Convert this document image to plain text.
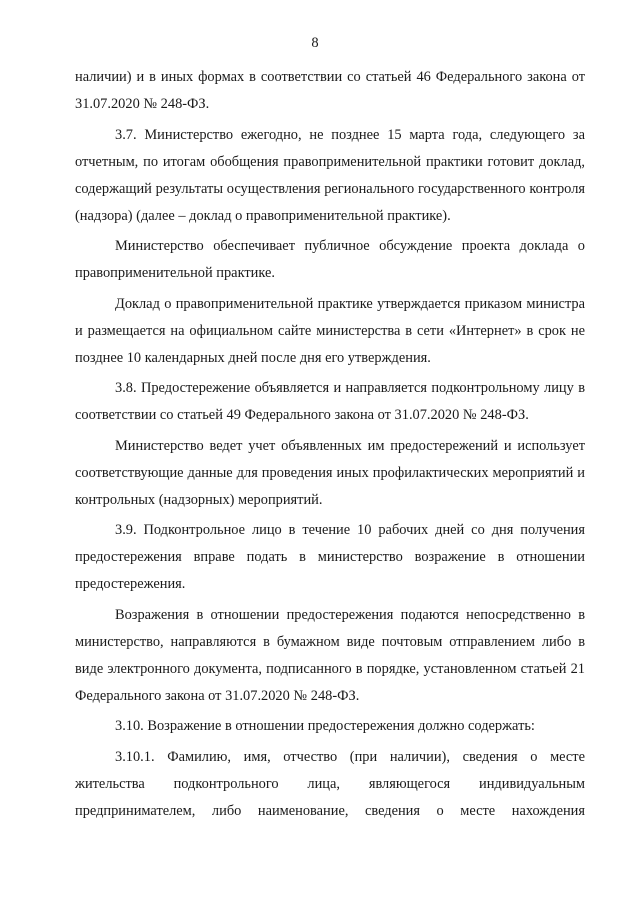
8

наличии) и в иных формах в соответствии со статьей 46 Федерального закона от 31.07.2020 № 248-ФЗ.

3.7. Министерство ежегодно, не позднее 15 марта года, следующего за отчетным, по итогам обобщения правоприменительной практики готовит доклад, содержащий результаты осуществления регионального государственного контроля (надзора) (далее – доклад о правоприменительной практике).

Министерство обеспечивает публичное обсуждение проекта доклада о правоприменительной практике.

Доклад о правоприменительной практике утверждается приказом министра и размещается на официальном сайте министерства в сети «Интернет» в срок не позднее 10 календарных дней после дня его утверждения.

3.8. Предостережение объявляется и направляется подконтрольному лицу в соответствии со статьей 49 Федерального закона от 31.07.2020 № 248-ФЗ.

Министерство ведет учет объявленных им предостережений и использует соответствующие данные для проведения иных профилактических мероприятий и контрольных (надзорных) мероприятий.

3.9. Подконтрольное лицо в течение 10 рабочих дней со дня получения предостережения вправе подать в министерство возражение в отношении предостережения.

Возражения в отношении предостережения подаются непосредственно в министерство, направляются в бумажном виде почтовым отправлением либо в виде электронного документа, подписанного в порядке, установленном статьей 21 Федерального закона от 31.07.2020 № 248-ФЗ.

3.10. Возражение в отношении предостережения должно содержать:

3.10.1. Фамилию, имя, отчество (при наличии), сведения о месте жительства подконтрольного лица, являющегося индивидуальным предпринимателем, либо наименование, сведения о месте нахождения
